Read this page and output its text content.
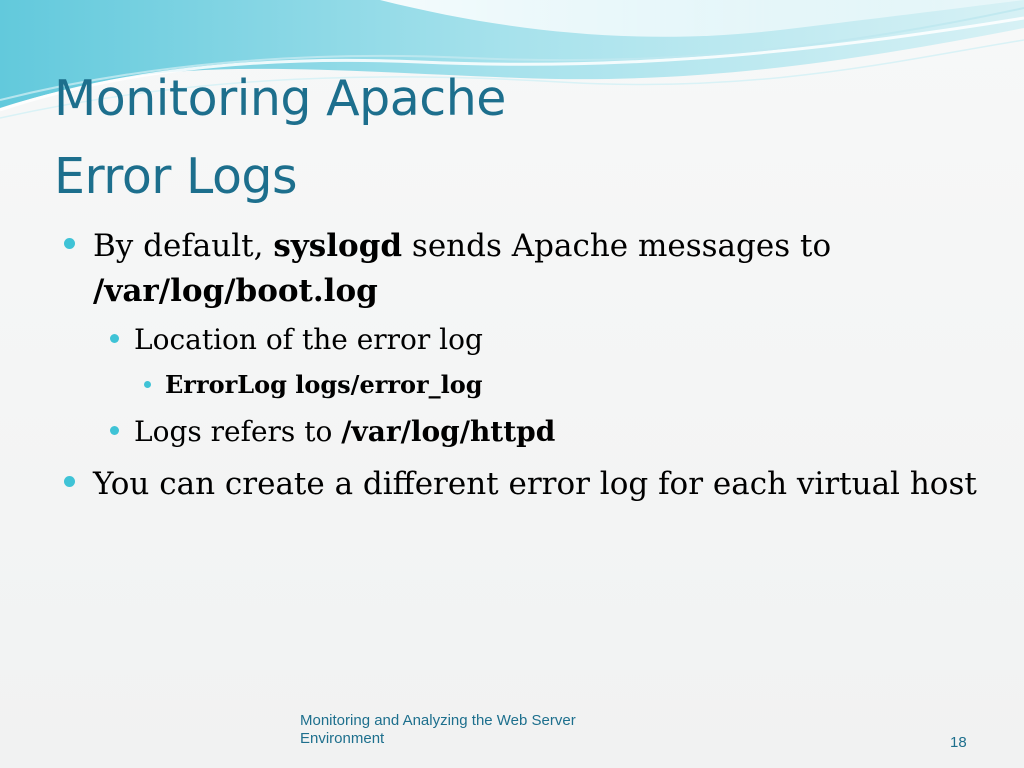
Monitoring Apache
Error Logs
By default, syslogd sends Apache messages to
/var/log/boot.log
Location of the error log
ErrorLog logs/error_log
Logs refers to /var/log/httpd
You can create a different error log for each virtual host
Monitoring and Analyzing the Web Server
Environment	18
